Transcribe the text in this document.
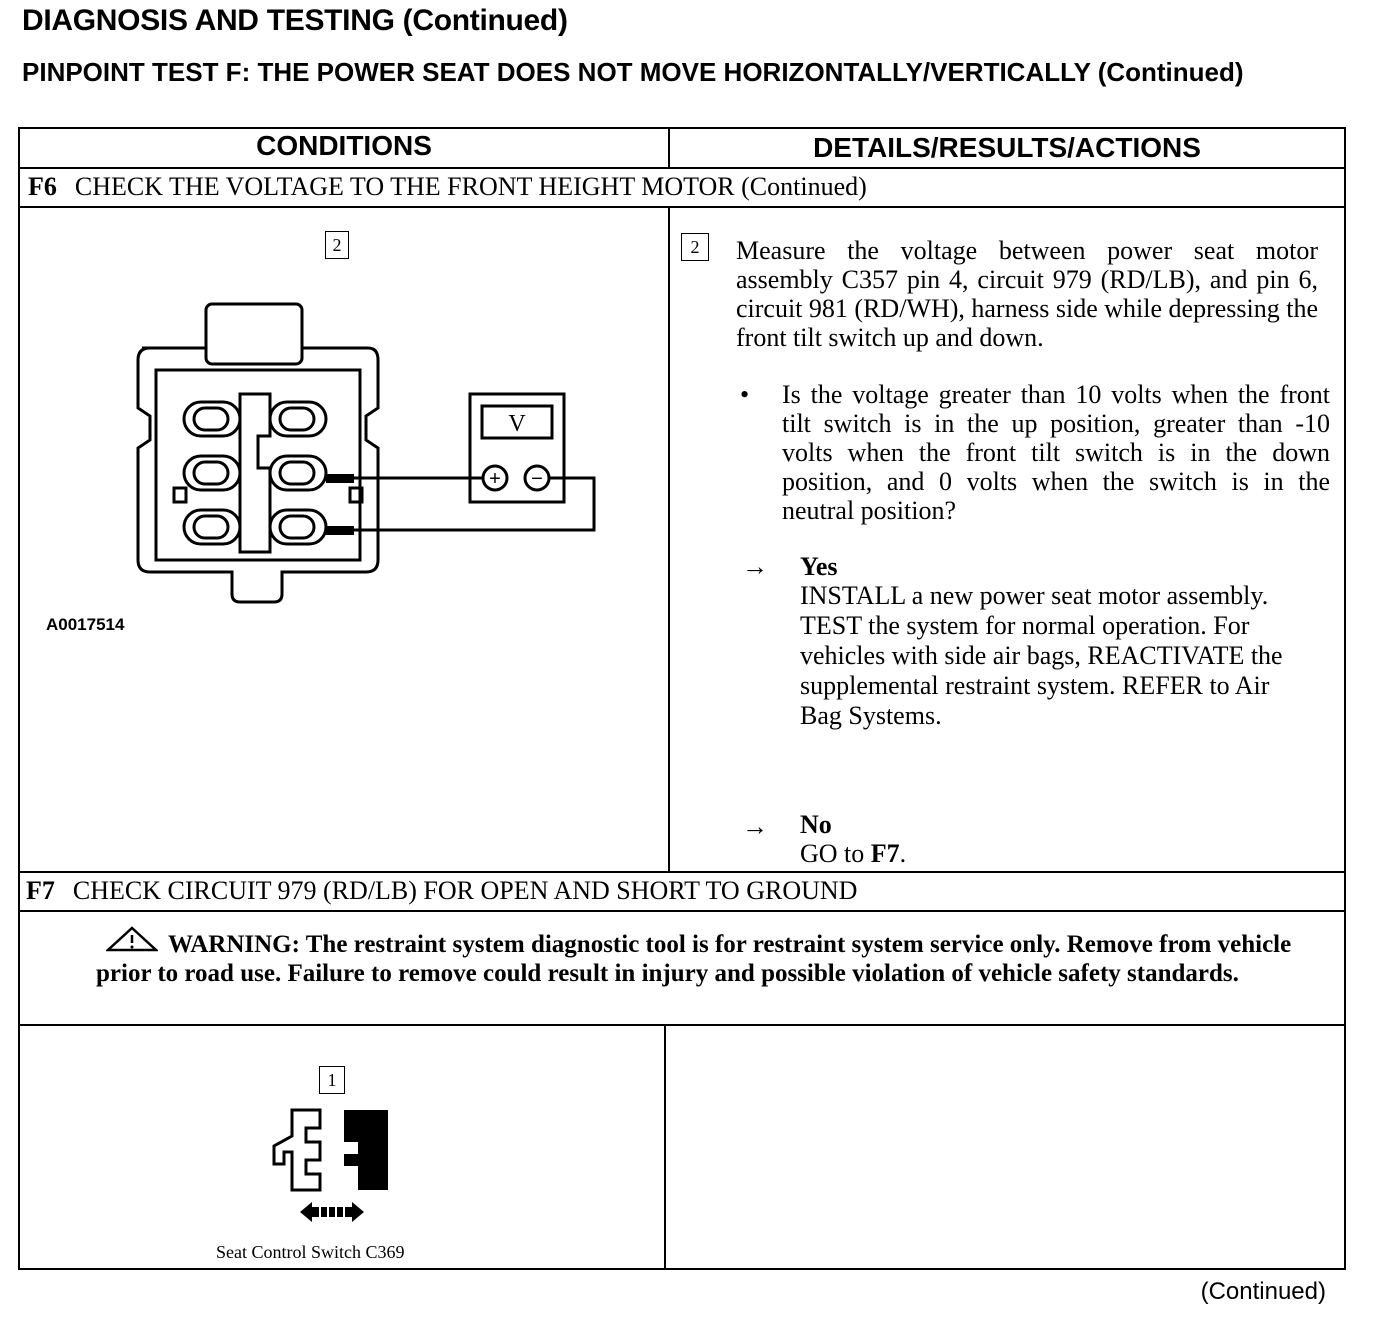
DIAGNOSIS AND TESTING (Continued)
PINPOINT TEST F: THE POWER SEAT DOES NOT MOVE HORIZONTALLY/VERTICALLY (Continued)
CONDITIONS	DETAILS/RESULTS/ACTIONS
F6 CHECK THE VOLTAGE TO THE FRONT HEIGHT MOTOR (Continued)
2
V
+ −
A0017514
2	Measure the voltage between power seat motor assembly C357 pin 4, circuit 979 (RD/LB), and pin 6, circuit 981 (RD/WH), harness side while depressing the front tilt switch up and down.
• Is the voltage greater than 10 volts when the front tilt switch is in the up position, greater than -10 volts when the front tilt switch is in the down position, and 0 volts when the switch is in the neutral position?
→ Yes
INSTALL a new power seat motor assembly. TEST the system for normal operation. For vehicles with side air bags, REACTIVATE the supplemental restraint system. REFER to Air Bag Systems.
→ No
GO to F7.
F7 CHECK CIRCUIT 979 (RD/LB) FOR OPEN AND SHORT TO GROUND
WARNING: The restraint system diagnostic tool is for restraint system service only. Remove from vehicle prior to road use. Failure to remove could result in injury and possible violation of vehicle safety standards.
1
Seat Control Switch C369
(Continued)
